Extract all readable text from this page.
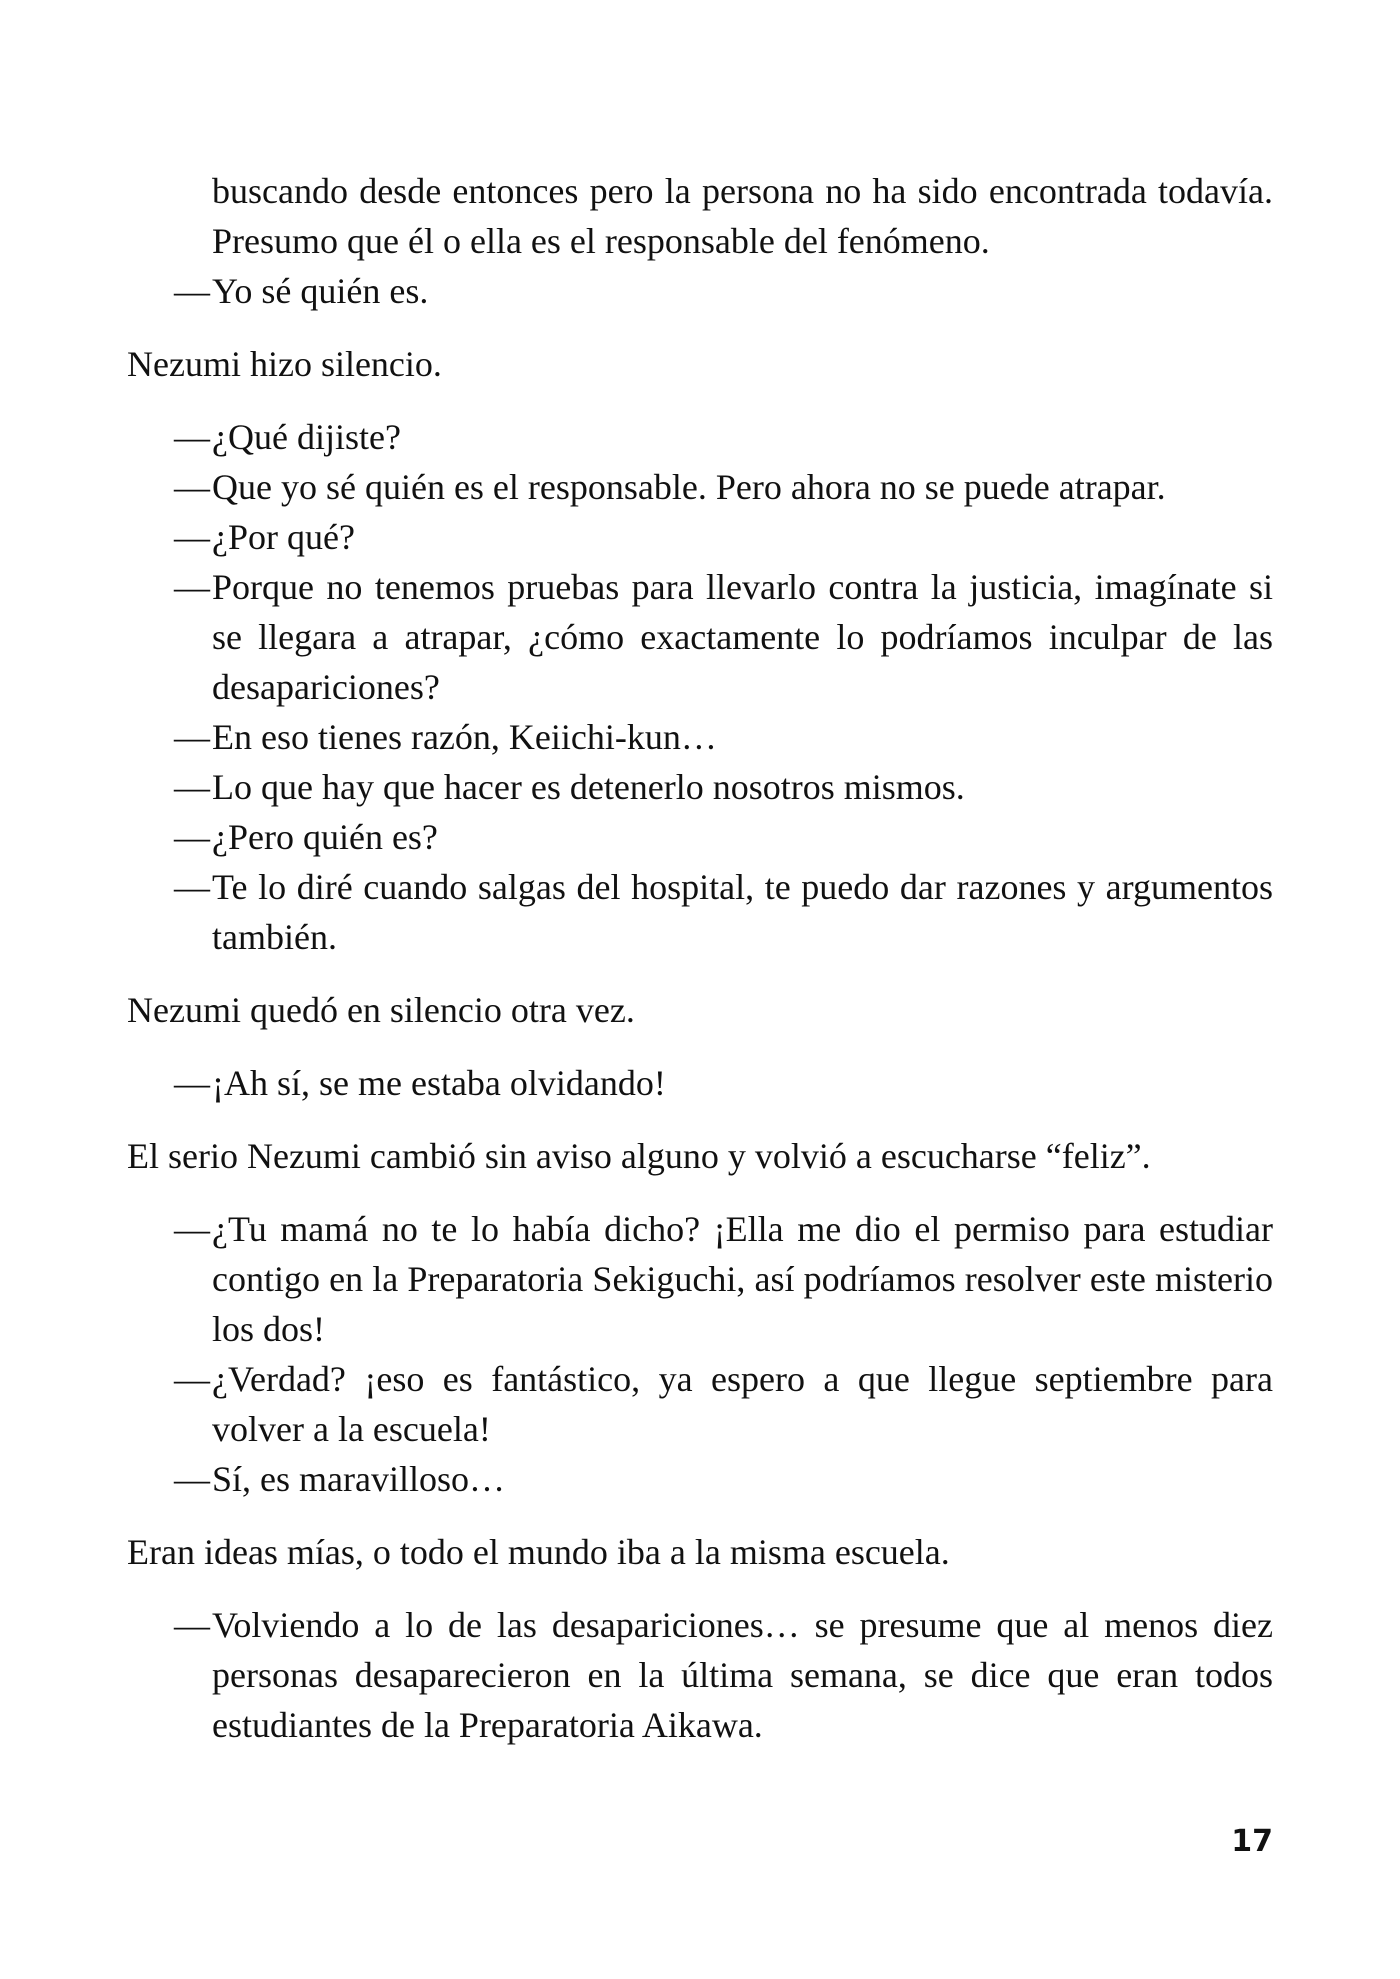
buscando desde entonces pero la persona no ha sido encontrada todavía. Presumo que él o ella es el responsable del fenómeno.

— Yo sé quién es.

Nezumi hizo silencio.

— ¿Qué dijiste?

— Que yo sé quién es el responsable. Pero ahora no se puede atrapar.

— ¿Por qué?

— Porque no tenemos pruebas para llevarlo contra la justicia, imagínate si se llegara a atrapar, ¿cómo exactamente lo podríamos inculpar de las desapariciones?

— En eso tienes razón, Keiichi-kun…

— Lo que hay que hacer es detenerlo nosotros mismos.

— ¿Pero quién es?

— Te lo diré cuando salgas del hospital, te puedo dar razones y argumentos también.

Nezumi quedó en silencio otra vez.

— ¡Ah sí, se me estaba olvidando!

El serio Nezumi cambió sin aviso alguno y volvió a escucharse “feliz”.

— ¿Tu mamá no te lo había dicho? ¡Ella me dio el permiso para estudiar contigo en la Preparatoria Sekiguchi, así podríamos resolver este misterio los dos!

— ¿Verdad? ¡eso es fantástico, ya espero a que llegue septiembre para volver a la escuela!

— Sí, es maravilloso…

Eran ideas mías, o todo el mundo iba a la misma escuela.

— Volviendo a lo de las desapariciones… se presume que al menos diez personas desaparecieron en la última semana, se dice que eran todos estudiantes de la Preparatoria Aikawa.

17
